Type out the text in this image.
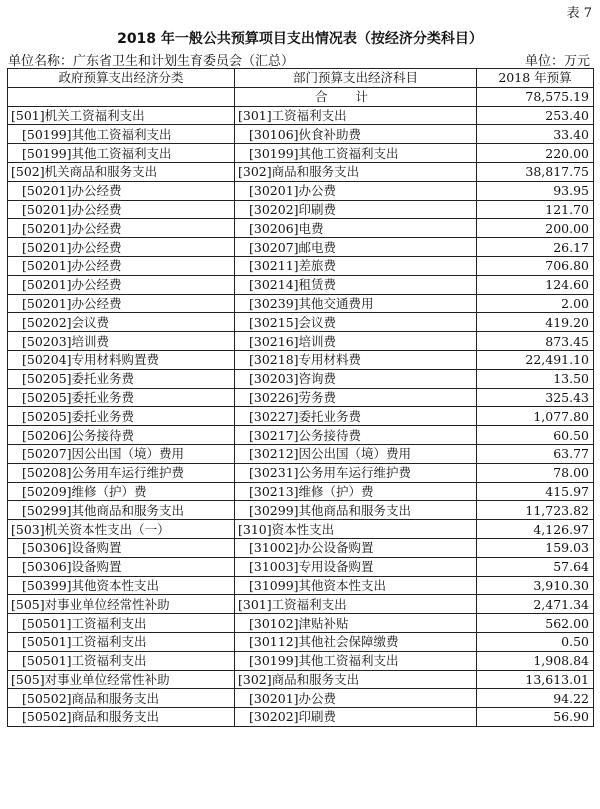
表 7
2018 年一般公共预算项目支出情况表（按经济分类科目）
单位名称：广东省卫生和计划生育委员会（汇总）	单位：万元
政府预算支出经济分类	部门预算支出经济科目	2018 年预算
	合计	78,575.19
[501]机关工资福利支出	[301]工资福利支出	253.40
[50199]其他工资福利支出	[30106]伙食补助费	33.40
[50199]其他工资福利支出	[30199]其他工资福利支出	220.00
[502]机关商品和服务支出	[302]商品和服务支出	38,817.75
[50201]办公经费	[30201]办公费	93.95
[50201]办公经费	[30202]印刷费	121.70
[50201]办公经费	[30206]电费	200.00
[50201]办公经费	[30207]邮电费	26.17
[50201]办公经费	[30211]差旅费	706.80
[50201]办公经费	[30214]租赁费	124.60
[50201]办公经费	[30239]其他交通费用	2.00
[50202]会议费	[30215]会议费	419.20
[50203]培训费	[30216]培训费	873.45
[50204]专用材料购置费	[30218]专用材料费	22,491.10
[50205]委托业务费	[30203]咨询费	13.50
[50205]委托业务费	[30226]劳务费	325.43
[50205]委托业务费	[30227]委托业务费	1,077.80
[50206]公务接待费	[30217]公务接待费	60.50
[50207]因公出国（境）费用	[30212]因公出国（境）费用	63.77
[50208]公务用车运行维护费	[30231]公务用车运行维护费	78.00
[50209]维修（护）费	[30213]维修（护）费	415.97
[50299]其他商品和服务支出	[30299]其他商品和服务支出	11,723.82
[503]机关资本性支出（一）	[310]资本性支出	4,126.97
[50306]设备购置	[31002]办公设备购置	159.03
[50306]设备购置	[31003]专用设备购置	57.64
[50399]其他资本性支出	[31099]其他资本性支出	3,910.30
[505]对事业单位经常性补助	[301]工资福利支出	2,471.34
[50501]工资福利支出	[30102]津贴补贴	562.00
[50501]工资福利支出	[30112]其他社会保障缴费	0.50
[50501]工资福利支出	[30199]其他工资福利支出	1,908.84
[505]对事业单位经常性补助	[302]商品和服务支出	13,613.01
[50502]商品和服务支出	[30201]办公费	94.22
[50502]商品和服务支出	[30202]印刷费	56.90
